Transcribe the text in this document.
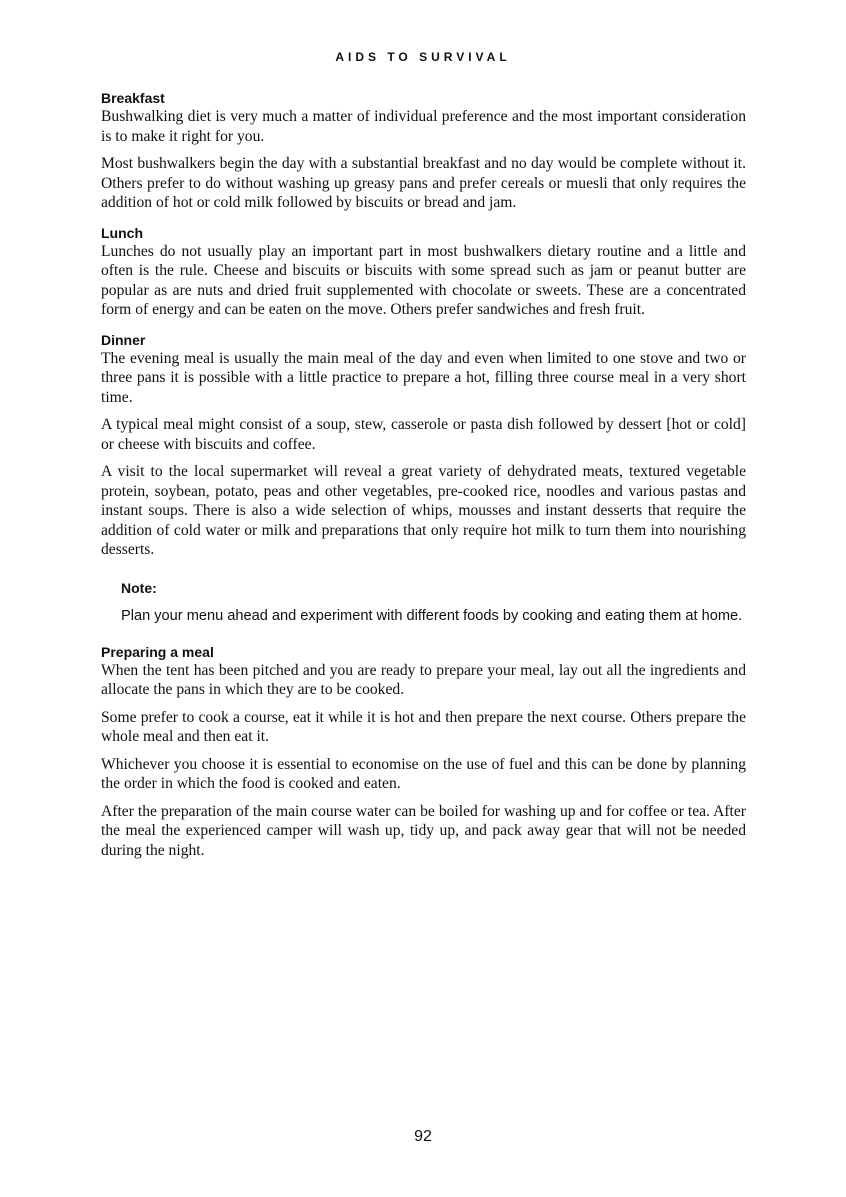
AIDS TO SURVIVAL
Breakfast

Bushwalking diet is very much a matter of individual preference and the most important consideration is to make it right for you.

Most bushwalkers begin the day with a substantial breakfast and no day would be complete without it. Others prefer to do without washing up greasy pans and prefer cereals or muesli that only requires the addition of hot or cold milk followed by biscuits or bread and jam.

Lunch

Lunches do not usually play an important part in most bushwalkers dietary routine and a little and often is the rule. Cheese and biscuits or biscuits with some spread such as jam or peanut butter are popular as are nuts and dried fruit supplemented with chocolate or sweets. These are a concentrated form of energy and can be eaten on the move. Others prefer sandwiches and fresh fruit.

Dinner

The evening meal is usually the main meal of the day and even when limited to one stove and two or three pans it is possible with a little practice to prepare a hot, filling three course meal in a very short time.

A typical meal might consist of a soup, stew, casserole or pasta dish followed by dessert [hot or cold] or cheese with biscuits and coffee.

A visit to the local supermarket will reveal a great variety of dehydrated meats, textured vegetable protein, soybean, potato, peas and other vegetables, pre-cooked rice, noodles and various pastas and instant soups. There is also a wide selection of whips, mousses and instant desserts that require the addition of cold water or milk and preparations that only require hot milk to turn them into nourishing desserts.

Note:

Plan your menu ahead and experiment with different foods by cooking and eating them at home.

Preparing a meal

When the tent has been pitched and you are ready to prepare your meal, lay out all the ingredients and allocate the pans in which they are to be cooked.

Some prefer to cook a course, eat it while it is hot and then prepare the next course. Others prepare the whole meal and then eat it.

Whichever you choose it is essential to economise on the use of fuel and this can be done by planning the order in which the food is cooked and eaten.

After the preparation of the main course water can be boiled for washing up and for coffee or tea. After the meal the experienced camper will wash up, tidy up, and pack away gear that will not be needed during the night.

92
